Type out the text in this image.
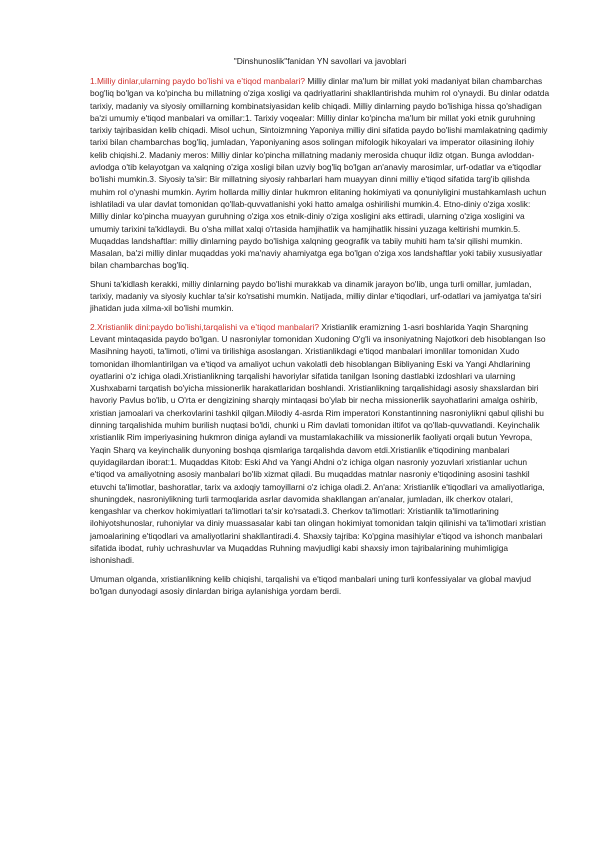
"Dinshunoslik"fanidan YN savollari va javoblari

1.Milliy dinlar,ularning paydo bo’lishi va e’tiqod manbalari? Milliy dinlar ma'lum bir millat yoki madaniyat bilan chambarchas bog'liq bo'lgan va ko'pincha bu millatning o'ziga xosligi va qadriyatlarini shakllantirishda muhim rol o'ynaydi. Bu dinlar odatda tarixiy, madaniy va siyosiy omillarning kombinatsiyasidan kelib chiqadi. Milliy dinlarning paydo bo'lishiga hissa qo'shadigan ba'zi umumiy e'tiqod manbalari va omillar:1. Tarixiy voqealar: Milliy dinlar ko'pincha ma'lum bir millat yoki etnik guruhning tarixiy tajribasidan kelib chiqadi. Misol uchun, Sintoizmning Yaponiya milliy dini sifatida paydo bo'lishi mamlakatning qadimiy tarixi bilan chambarchas bog'liq, jumladan, Yaponiyaning asos solingan mifologik hikoyalari va imperator oilasining ilohiy kelib chiqishi.2. Madaniy meros: Milliy dinlar ko'pincha millatning madaniy merosida chuqur ildiz otgan. Bunga avloddan-avlodga o'tib kelayotgan va xalqning o'ziga xosligi bilan uzviy bog'liq bo'lgan an'anaviy marosimlar, urf-odatlar va e'tiqodlar bo'lishi mumkin.3. Siyosiy ta'sir: Bir millatning siyosiy rahbarlari ham muayyan dinni milliy e'tiqod sifatida targ'ib qilishda muhim rol o'ynashi mumkin. Ayrim hollarda milliy dinlar hukmron elitaning hokimiyati va qonuniyligini mustahkamlash uchun ishlatiladi va ular davlat tomonidan qo'llab-quvvatlanishi yoki hatto amalga oshirilishi mumkin.4. Etno-diniy o'ziga xoslik: Milliy dinlar ko'pincha muayyan guruhning o'ziga xos etnik-diniy o'ziga xosligini aks ettiradi, ularning o'ziga xosligini va umumiy tarixini ta'kidlaydi. Bu o'sha millat xalqi o'rtasida hamjihatlik va hamjihatlik hissini yuzaga keltirishi mumkin.5. Muqaddas landshaftlar: milliy dinlarning paydo bo'lishiga xalqning geografik va tabiiy muhiti ham ta'sir qilishi mumkin. Masalan, ba'zi milliy dinlar muqaddas yoki ma'naviy ahamiyatga ega bo'lgan o'ziga xos landshaftlar yoki tabiiy xususiyatlar bilan chambarchas bog'liq.

Shuni ta'kidlash kerakki, milliy dinlarning paydo bo'lishi murakkab va dinamik jarayon bo'lib, unga turli omillar, jumladan, tarixiy, madaniy va siyosiy kuchlar ta'sir ko'rsatishi mumkin. Natijada, milliy dinlar e'tiqodlari, urf-odatlari va jamiyatga ta'siri jihatidan juda xilma-xil bo'lishi mumkin.

2.Xristianlik dini:paydo bo’lishi,tarqalishi va e’tiqod manbalari? Xristianlik eramizning 1-asri boshlarida Yaqin Sharqning Levant mintaqasida paydo bo'lgan. U nasroniylar tomonidan Xudoning O'g'li va insoniyatning Najotkori deb hisoblangan Iso Masihning hayoti, ta'limoti, o'limi va tirilishiga asoslangan. Xristianlikdagi e'tiqod manbalari imonlilar tomonidan Xudo tomonidan ilhomlantirilgan va e'tiqod va amaliyot uchun vakolatli deb hisoblangan Bibliyaning Eski va Yangi Ahdlarining oyatlarini o'z ichiga oladi.Xristianlikning tarqalishi havoriylar sifatida tanilgan Isoning dastlabki izdoshlari va ularning Xushxabarni tarqatish bo'yicha missionerlik harakatlaridan boshlandi. Xristianlikning tarqalishidagi asosiy shaxslardan biri havoriy Pavlus bo'lib, u O'rta er dengizining sharqiy mintaqasi bo'ylab bir necha missionerlik sayohatlarini amalga oshirib, xristian jamoalari va cherkovlarini tashkil qilgan.Milodiy 4-asrda Rim imperatori Konstantinning nasroniylikni qabul qilishi bu dinning tarqalishida muhim burilish nuqtasi bo'ldi, chunki u Rim davlati tomonidan iltifot va qo'llab-quvvatlandi. Keyinchalik xristianlik Rim imperiyasining hukmron diniga aylandi va mustamlakachilik va missionerlik faoliyati orqali butun Yevropa, Yaqin Sharq va keyinchalik dunyoning boshqa qismlariga tarqalishda davom etdi.Xristianlik e'tiqodining manbalari quyidagilardan iborat:1. Muqaddas Kitob: Eski Ahd va Yangi Ahdni o'z ichiga olgan nasroniy yozuvlari xristianlar uchun e'tiqod va amaliyotning asosiy manbalari bo'lib xizmat qiladi. Bu muqaddas matnlar nasroniy e'tiqodining asosini tashkil etuvchi ta'limotlar, bashoratlar, tarix va axloqiy tamoyillarni o'z ichiga oladi.2. An'ana: Xristianlik e'tiqodlari va amaliyotlariga, shuningdek, nasroniylikning turli tarmoqlarida asrlar davomida shakllangan an'analar, jumladan, ilk cherkov otalari, kengashlar va cherkov hokimiyatlari ta'limotlari ta'sir ko'rsatadi.3. Cherkov ta'limotlari: Xristianlik ta'limotlarining ilohiyotshunoslar, ruhoniylar va diniy muassasalar kabi tan olingan hokimiyat tomonidan talqin qilinishi va ta'limotlari xristian jamoalarining e'tiqodlari va amaliyotlarini shakllantiradi.4. Shaxsiy tajriba: Ko'pgina masihiylar e'tiqod va ishonch manbalari sifatida ibodat, ruhiy uchrashuvlar va Muqaddas Ruhning mavjudligi kabi shaxsiy imon tajribalarining muhimligiga ishonishadi.

Umuman olganda, xristianlikning kelib chiqishi, tarqalishi va e'tiqod manbalari uning turli konfessiyalar va global mavjud bo'lgan dunyodagi asosiy dinlardan biriga aylanishiga yordam berdi.
